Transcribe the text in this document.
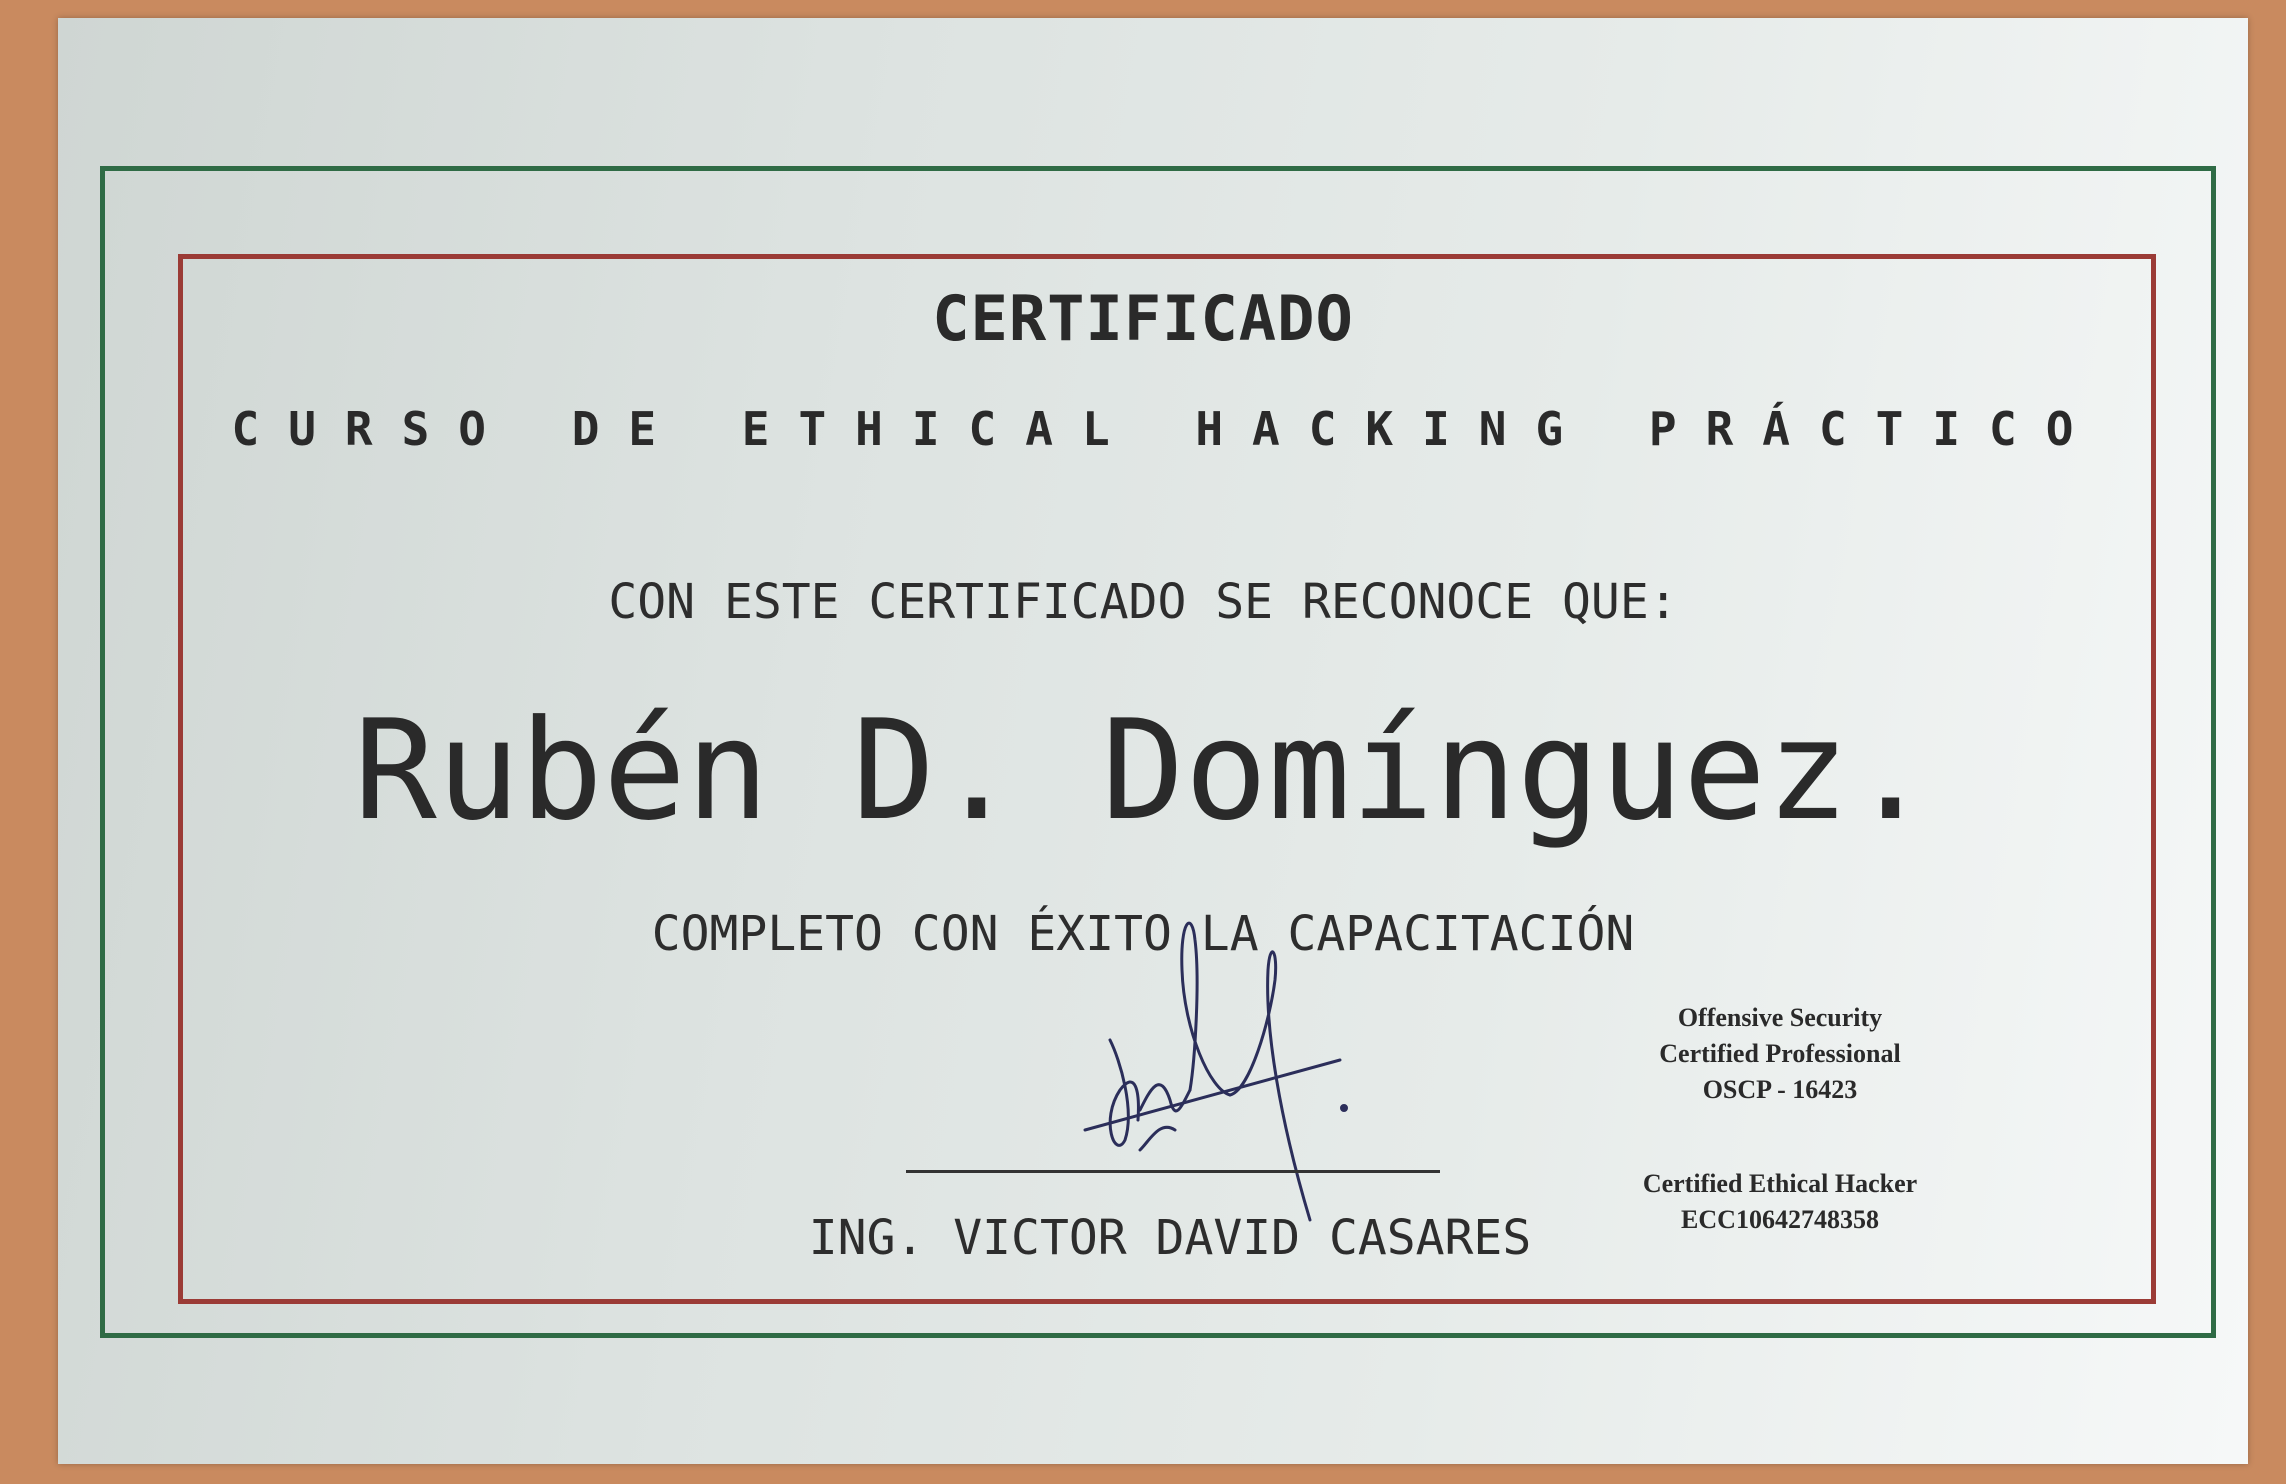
CERTIFICADO
CURSO DE ETHICAL HACKING PRÁCTICO
CON ESTE CERTIFICADO SE RECONOCE QUE:
Rubén D. Domínguez.
COMPLETO CON ÉXITO LA CAPACITACIÓN
ING. VICTOR DAVID CASARES
Offensive Security
Certified Professional
OSCP - 16423
Certified Ethical Hacker
ECC10642748358
